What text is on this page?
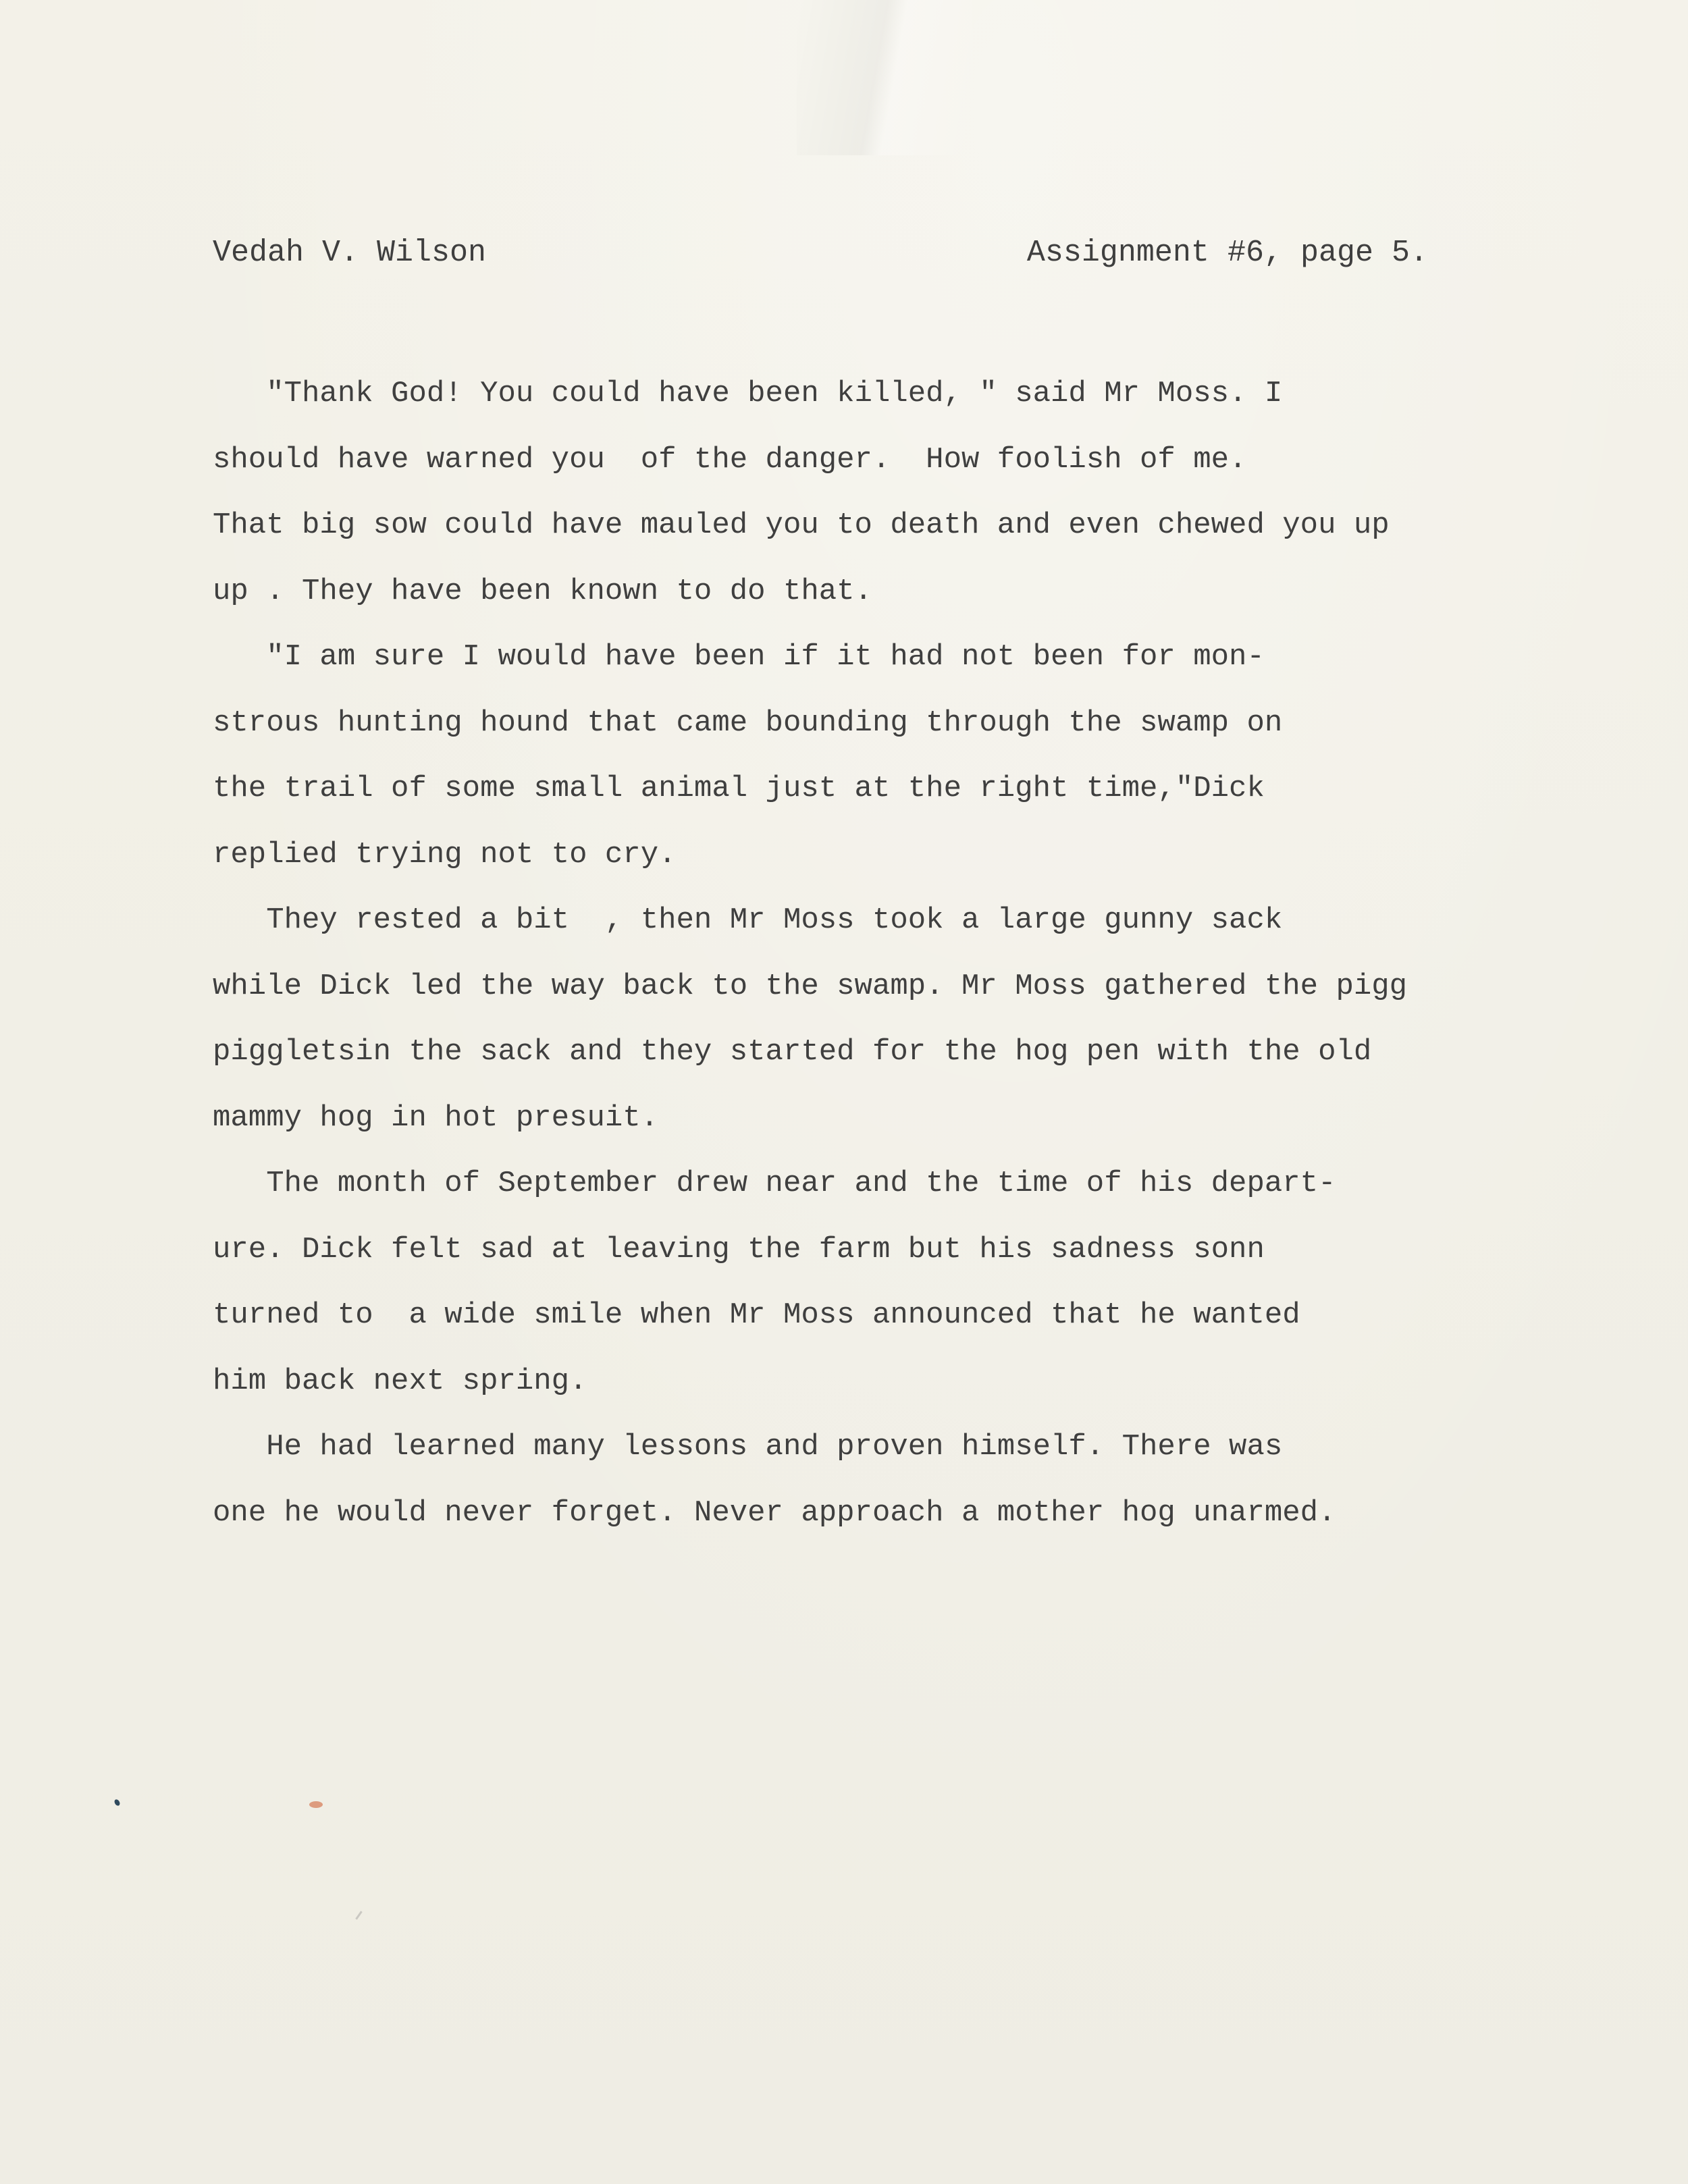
Vedah V. Wilson	Assignment #6, page 5.
"Thank God! You could have been killed, " said Mr Moss. I
should have warned you  of the danger.  How foolish of me.
That big sow could have mauled you to death and even chewed you up
up . They have been known to do that.
"I am sure I would have been if it had not been for mon-
strous hunting hound that came bounding through the swamp on
the trail of some small animal just at the right time,"Dick
replied trying not to cry.
They rested a bit  , then Mr Moss took a large gunny sack
while Dick led the way back to the swamp. Mr Moss gathered the pigg
piggletsin the sack and they started for the hog pen with the old
mammy hog in hot presuit.
The month of September drew near and the time of his depart-
ure. Dick felt sad at leaving the farm but his sadness sonn
turned to  a wide smile when Mr Moss announced that he wanted
him back next spring.
He had learned many lessons and proven himself. There was
one he would never forget. Never approach a mother hog unarmed.
